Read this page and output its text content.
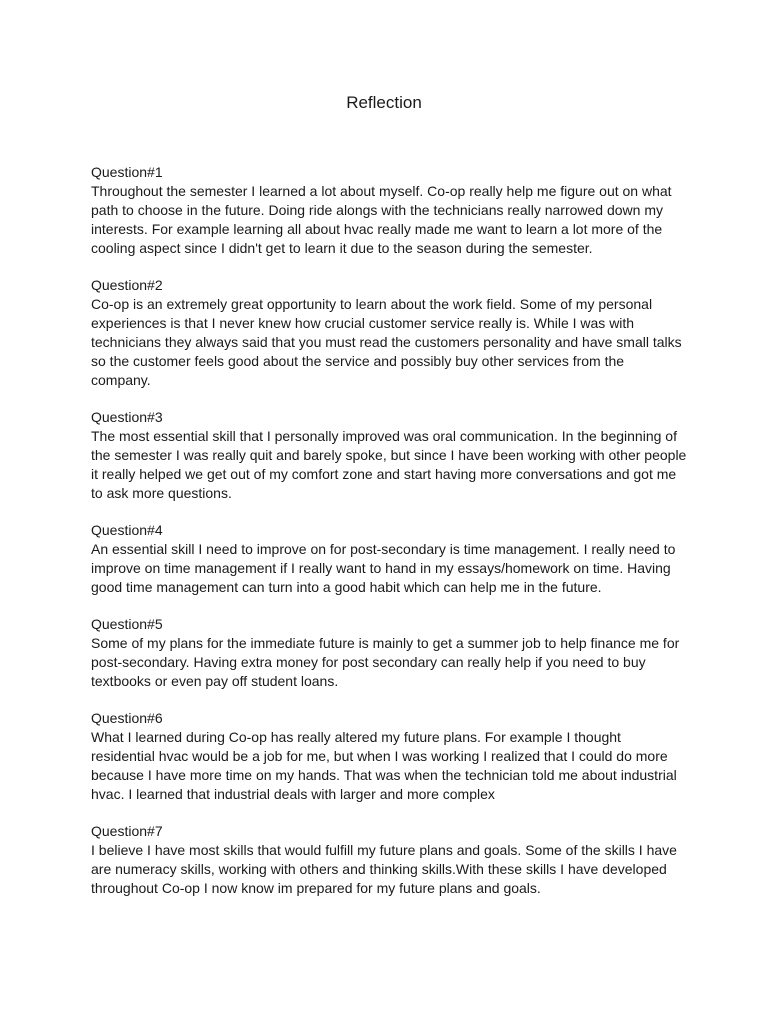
Reflection
Question#1
Throughout the semester I learned a lot about myself. Co-op really help me figure out on what
path to choose in the future. Doing ride alongs with the technicians really narrowed down my
interests. For example learning all about hvac really made me want to learn a lot more of the
cooling aspect since I didn't get to learn it due to the season during the semester.
Question#2
Co-op is an extremely great opportunity to learn about the work field. Some of my personal
experiences is that I never knew how crucial customer service really is. While I was with
technicians they always said that you must read the customers personality and have small talks
so the customer feels good about the service and possibly buy other services from the
company.
Question#3
The most essential skill that I personally improved was oral communication. In the beginning of
the semester I was really quit and barely spoke, but since I have been working with other people
it really helped we get out of my comfort zone and start having more conversations and got me
to ask more questions.
Question#4
An essential skill I need to improve on for post-secondary is time management. I really need to
improve on time management if I really want to hand in my essays/homework on time. Having
good time management can turn into a good habit which can help me in the future.
Question#5
Some of my plans for the immediate future is mainly to get a summer job to help finance me for
post-secondary. Having extra money for post secondary can really help if you need to buy
textbooks or even pay off student loans.
Question#6
What I learned during Co-op has really altered my future plans. For example I thought
residential hvac would be a job for me, but when I was working I realized that I could do more
because I have more time on my hands. That was when the technician told me about industrial
hvac. I learned that industrial deals with larger and more complex
Question#7
I believe I have most skills that would fulfill my future plans and goals. Some of the skills I have
are numeracy skills, working with others and thinking skills.With these skills I have developed
throughout Co-op I now know im prepared for my future plans and goals.
